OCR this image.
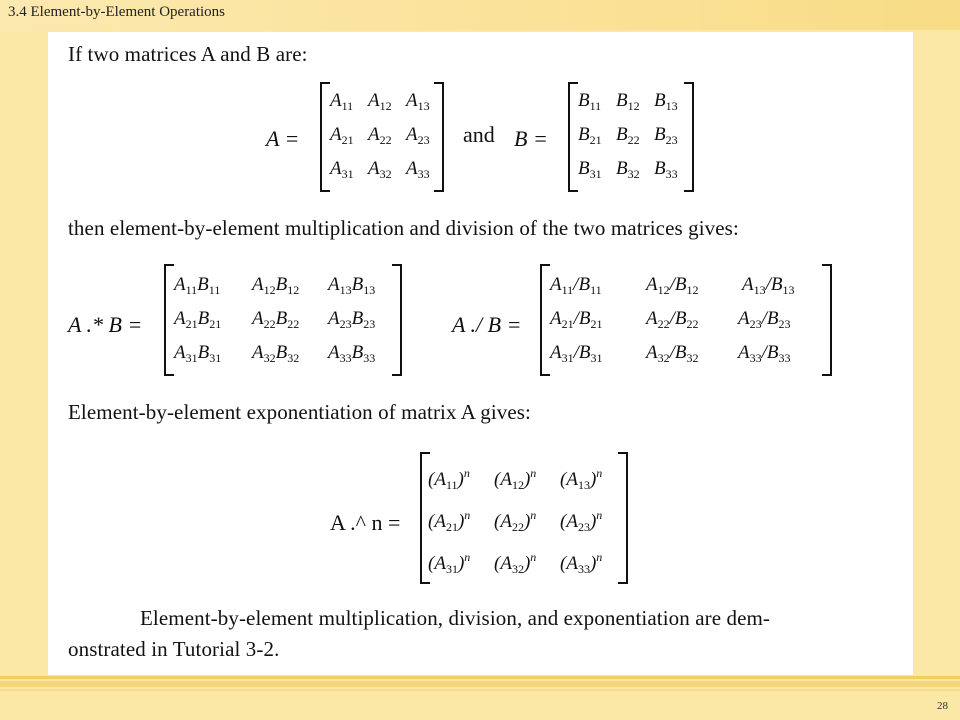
3.4 Element-by-Element Operations
If two matrices A and B are:
A =
$A_{11}$ $A_{12}$ $A_{13}$
$A_{21}$ $A_{22}$ $A_{23}$
$A_{31}$ $A_{32}$ $A_{33}$
and B =
$B_{11}$ $B_{12}$ $B_{13}$
$B_{21}$ $B_{22}$ $B_{23}$
$B_{31}$ $B_{32}$ $B_{33}$
then element-by-element multiplication and division of the two matrices gives:
A .* B =
$A_{11}B_{11}$ $A_{12}B_{12}$ $A_{13}B_{13}$
$A_{21}B_{21}$ $A_{22}B_{22}$ $A_{23}B_{23}$
$A_{31}B_{31}$ $A_{32}B_{32}$ $A_{33}B_{33}$
A ./ B =
$A_{11}/B_{11}$ $A_{12}/B_{12}$ $A_{13}/B_{13}$
$A_{21}/B_{21}$ $A_{22}/B_{22}$ $A_{23}/B_{23}$
$A_{31}/B_{31}$ $A_{32}/B_{32}$ $A_{33}/B_{33}$
Element-by-element exponentiation of matrix A gives:
A .^ n =
$(A_{11})^n$ $(A_{12})^n$ $(A_{13})^n$
$(A_{21})^n$ $(A_{22})^n$ $(A_{23})^n$
$(A_{31})^n$ $(A_{32})^n$ $(A_{33})^n$
Element-by-element multiplication, division, and exponentiation are dem-
onstrated in Tutorial 3-2.
28
